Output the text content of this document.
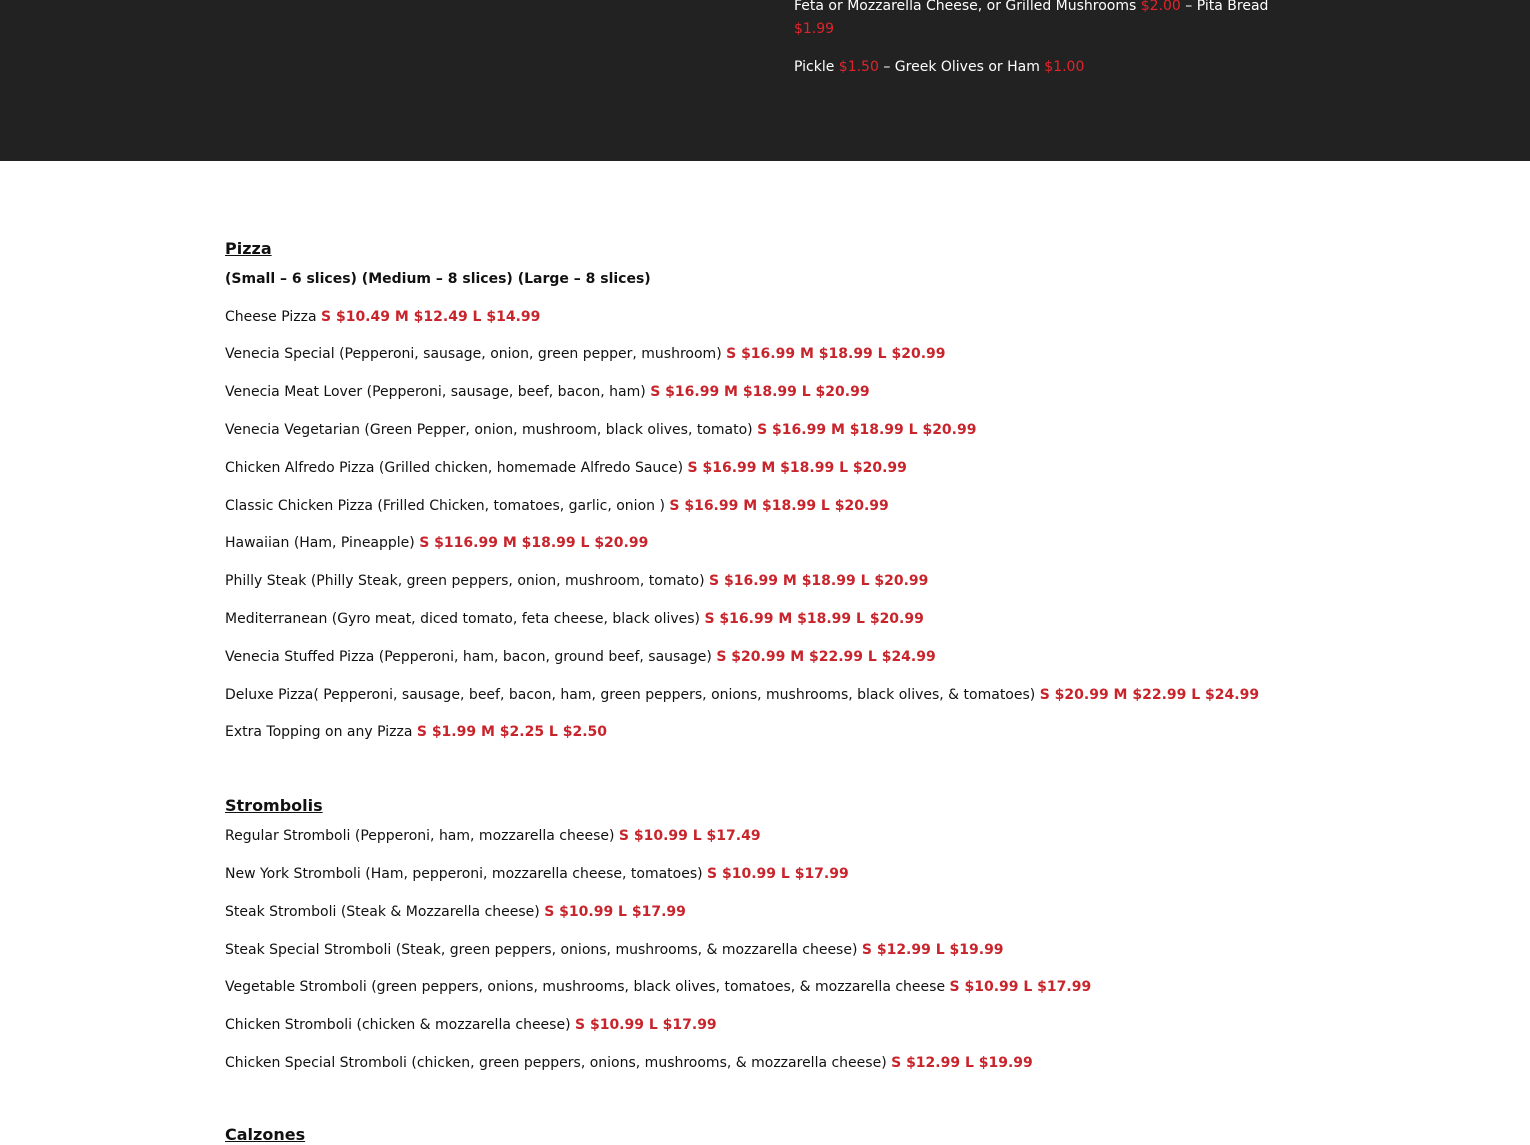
Feta or Mozzarella Cheese, or Grilled Mushrooms $2.00 – Pita Bread
$1.99
Pickle $1.50 – Greek Olives or Ham $1.00
Pizza
(Small – 6 slices) (Medium – 8 slices) (Large – 8 slices)
Cheese Pizza S $10.49 M $12.49 L $14.99
Venecia Special (Pepperoni, sausage, onion, green pepper, mushroom) S $16.99 M $18.99 L $20.99
Venecia Meat Lover (Pepperoni, sausage, beef, bacon, ham) S $16.99 M $18.99 L $20.99
Venecia Vegetarian (Green Pepper, onion, mushroom, black olives, tomato) S $16.99 M $18.99 L $20.99
Chicken Alfredo Pizza (Grilled chicken, homemade Alfredo Sauce) S $16.99 M $18.99 L $20.99
Classic Chicken Pizza (Frilled Chicken, tomatoes, garlic, onion ) S $16.99 M $18.99 L $20.99
Hawaiian (Ham, Pineapple) S $116.99 M $18.99 L $20.99
Philly Steak (Philly Steak, green peppers, onion, mushroom, tomato) S $16.99 M $18.99 L $20.99
Mediterranean (Gyro meat, diced tomato, feta cheese, black olives) S $16.99 M $18.99 L $20.99
Venecia Stuffed Pizza (Pepperoni, ham, bacon, ground beef, sausage) S $20.99 M $22.99 L $24.99
Deluxe Pizza( Pepperoni, sausage, beef, bacon, ham, green peppers, onions, mushrooms, black olives, & tomatoes) S $20.99 M $22.99 L $24.99
Extra Topping on any Pizza S $1.99 M $2.25 L $2.50
Strombolis
Regular Stromboli (Pepperoni, ham, mozzarella cheese) S $10.99 L $17.49
New York Stromboli (Ham, pepperoni, mozzarella cheese, tomatoes) S $10.99 L $17.99
Steak Stromboli (Steak & Mozzarella cheese) S $10.99 L $17.99
Steak Special Stromboli (Steak, green peppers, onions, mushrooms, & mozzarella cheese) S $12.99 L $19.99
Vegetable Stromboli (green peppers, onions, mushrooms, black olives, tomatoes, & mozzarella cheese S $10.99 L $17.99
Chicken Stromboli (chicken & mozzarella cheese) S $10.99 L $17.99
Chicken Special Stromboli (chicken, green peppers, onions, mushrooms, & mozzarella cheese) S $12.99 L $19.99
Calzones
